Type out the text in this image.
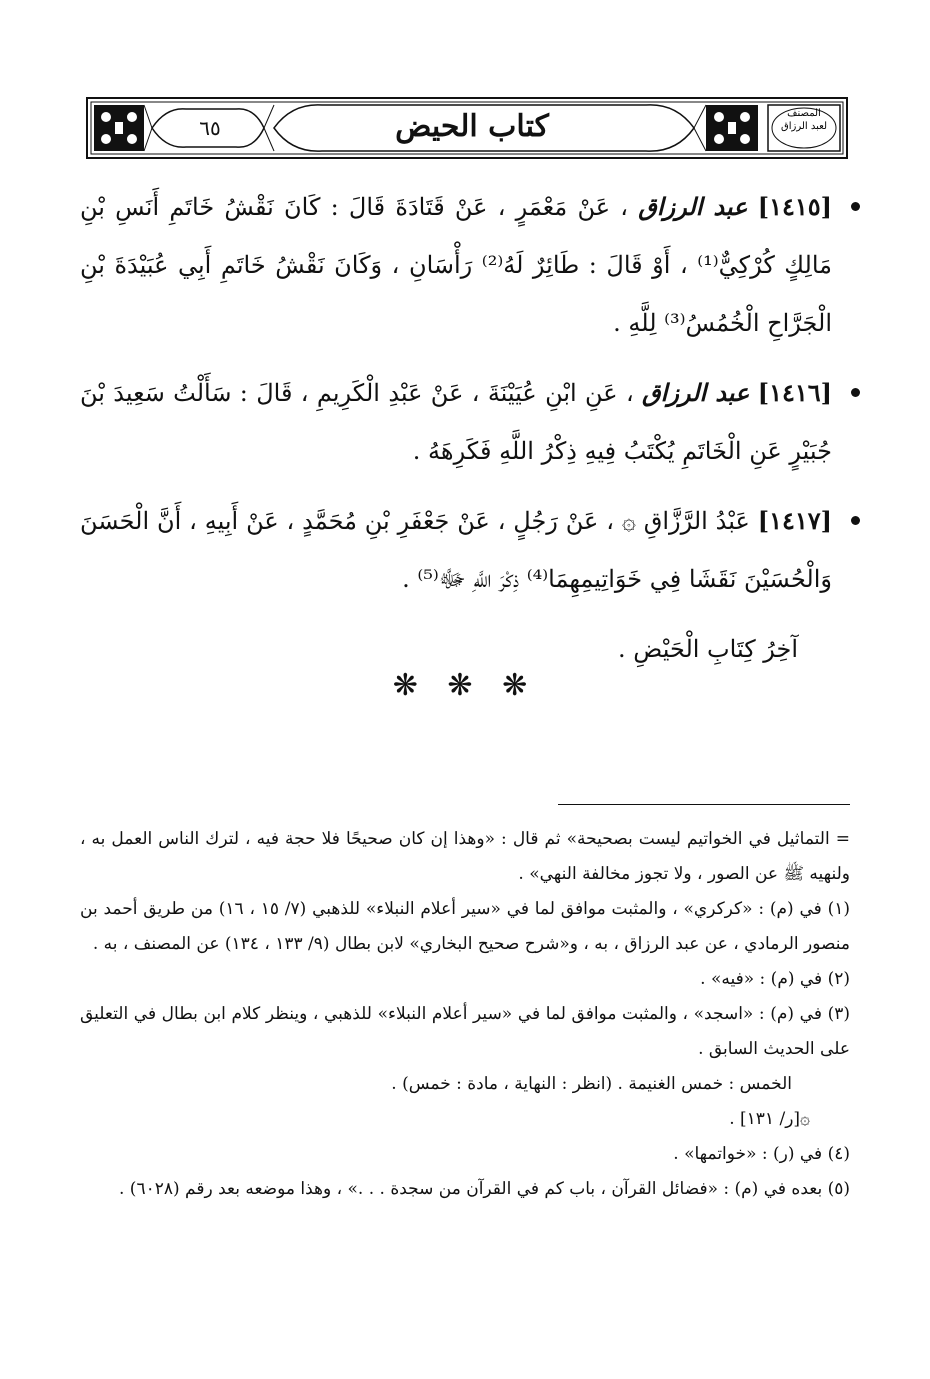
كتاب الحيض
٦٥
المصنف
لعبد الرزاق

[١٤١٥] عبد الرزاق ، عَنْ مَعْمَرٍ ، عَنْ قَتَادَةَ قَالَ : كَانَ نَقْشُ خَاتَمِ أَنَسِ بْنِ مَالِكٍ كُرْكِيٌّ⁽¹⁾ ، أَوْ قَالَ : طَائِرٌ لَهُ⁽²⁾ رَأْسَانِ ، وَكَانَ نَقْشُ خَاتَمِ أَبِي عُبَيْدَةَ بْنِ الْجَرَّاحِ الْخُمُسُ⁽³⁾ لِلَّهِ .

[١٤١٦] عبد الرزاق ، عَنِ ابْنِ عُيَيْنَةَ ، عَنْ عَبْدِ الْكَرِيمِ ، قَالَ : سَأَلْتُ سَعِيدَ بْنَ جُبَيْرٍ عَنِ الْخَاتَمِ يُكْتَبُ فِيهِ ذِكْرُ اللَّهِ فَكَرِهَهُ .

[١٤١٧] عَبْدُ الرَّزَّاقِ ۞ ، عَنْ رَجُلٍ ، عَنْ جَعْفَرِ بْنِ مُحَمَّدٍ ، عَنْ أَبِيهِ ، أَنَّ الْحَسَنَ وَالْحُسَيْنَ نَقَشَا فِي خَوَاتِيمِهِمَا⁽⁴⁾ ذِكْرَ اللَّهِ ﷻ⁽⁵⁾ .

آخِرُ كِتَابِ الْحَيْضِ .

❋ ❋ ❋

= التماثيل في الخواتيم ليست بصحيحة» ثم قال : «وهذا إن كان صحيحًا فلا حجة فيه ، لترك الناس العمل به ، ولنهيه ﷺ عن الصور ، ولا تجوز مخالفة النهي» .

(١) في (م) : «كركري» ، والمثبت موافق لما في «سير أعلام النبلاء» للذهبي (٧/ ١٥ ، ١٦) من طريق أحمد بن منصور الرمادي ، عن عبد الرزاق ، به ، و«شرح صحيح البخاري» لابن بطال (٩/ ١٣٣ ، ١٣٤) عن المصنف ، به .

(٢) في (م) : «فيه» .

(٣) في (م) : «اسجد» ، والمثبت موافق لما في «سير أعلام النبلاء» للذهبي ، وينظر كلام ابن بطال في التعليق على الحديث السابق .

الخمس : خمس الغنيمة . (انظر : النهاية ، مادة : خمس) .

۞[ر/ ١٣١] .

(٤) في (ر) : «خواتمها» .

(٥) بعده في (م) : «فضائل القرآن ، باب كم في القرآن من سجدة . . .» ، وهذا موضعه بعد رقم (٦٠٢٨) .
